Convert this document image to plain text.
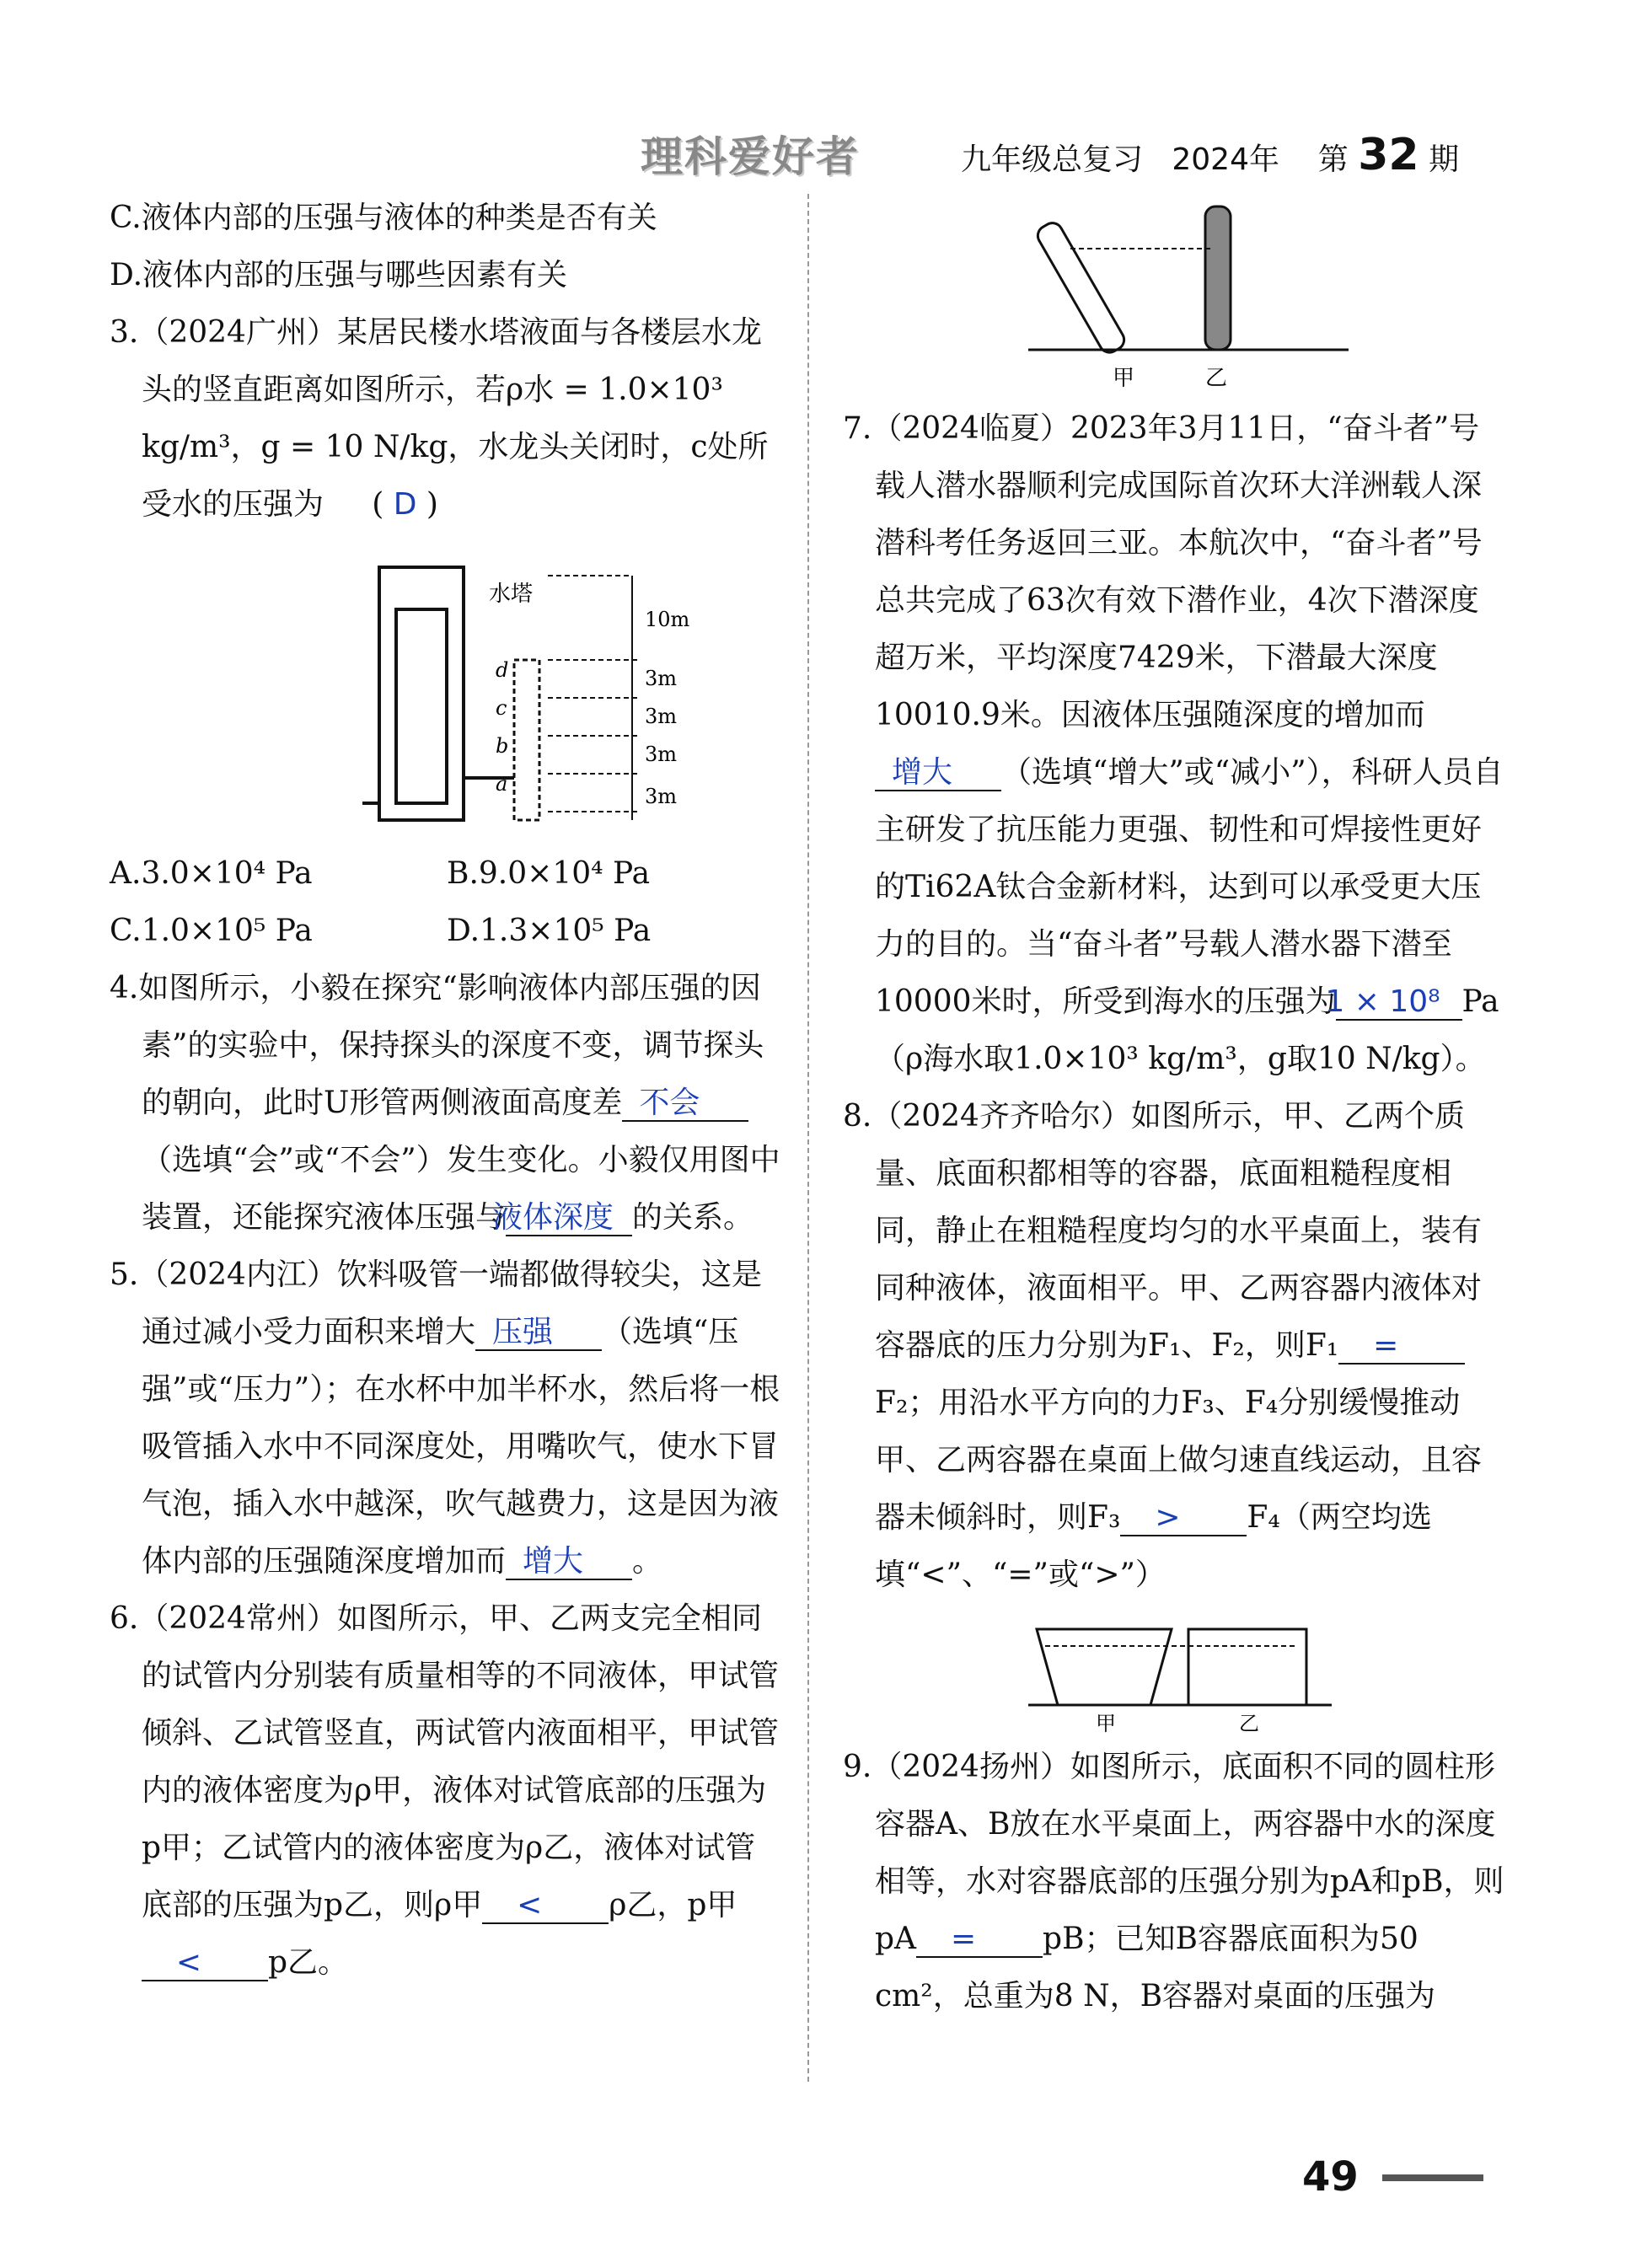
理科爱好者	九年级总复习 2024年 第 32 期

C.液体内部的压强与液体的种类是否有关

D.液体内部的压强与哪些因素有关

3.（2024广州）某居民楼水塔液面与各楼层水龙头的竖直距离如图所示，若ρ水 = 1.0×10³ kg/m³，g = 10 N/kg，水龙头关闭时，c处所受水的压强为     ( D )

水塔
10m
3m
3m
3m
3m
d
c
b
a
A.3.0×10⁴ Pa	B.9.0×10⁴ Pa
C.1.0×10⁵ Pa	D.1.3×10⁵ Pa

4.如图所示，小毅在探究“影响液体内部压强的因素”的实验中，保持探头的深度不变，调节探头的朝向，此时U形管两侧液面高度差 不会（选填“会”或“不会”）发生变化。小毅仅用图中装置，还能探究液体压强与液体深度 的关系。

5.（2024内江）饮料吸管一端都做得较尖，这是通过减小受力面积来增大 压强 （选填“压强”或“压力”）；在水杯中加半杯水，然后将一根吸管插入水中不同深度处，用嘴吹气，使水下冒气泡，插入水中越深，吹气越费力，这是因为液体内部的压强随深度增加而 增大 。

6.（2024常州）如图所示，甲、乙两支完全相同的试管内分别装有质量相等的不同液体，甲试管倾斜、乙试管竖直，两试管内液面相平，甲试管内的液体密度为ρ甲，液体对试管底部的压强为p甲；乙试管内的液体密度为ρ乙，液体对试管底部的压强为p乙，则ρ甲 < ρ乙，p甲< p乙。

甲	乙

7.（2024临夏）2023年3月11日，“奋斗者”号载人潜水器顺利完成国际首次环大洋洲载人深潜科考任务返回三亚。本航次中，“奋斗者”号总共完成了63次有效下潜作业，4次下潜深度超万米，平均深度7429米，下潜最大深度10010.9米。因液体压强随深度的增加而增大 （选填“增大”或“减小”），科研人员自主研发了抗压能力更强、韧性和可焊接性更好的Ti62A钛合金新材料，达到可以承受更大压力的目的。当“奋斗者”号载人潜水器下潜至10000米时，所受到海水的压强为1 × 10⁸ Pa（ρ海水取1.0×10³ kg/m³，g取10 N/kg）。

8.（2024齐齐哈尔）如图所示，甲、乙两个质量、底面积都相等的容器，底面粗糙程度相同，静止在粗糙程度均匀的水平桌面上，装有同种液体，液面相平。甲、乙两容器内液体对容器底的压力分别为F₁、F₂，则F₁ =F₂；用沿水平方向的力F₃、F₄分别缓慢推动甲、乙两容器在桌面上做匀速直线运动，且容器未倾斜时，则F₃ > F₄（两空均选填“<”、“=”或“>”）

甲	乙

9.（2024扬州）如图所示，底面积不同的圆柱形容器A、B放在水平桌面上，两容器中水的深度相等，水对容器底部的压强分别为pA和pB，则pA = pB；已知B容器底面积为50 cm²，总重为8 N，B容器对桌面的压强为

49
